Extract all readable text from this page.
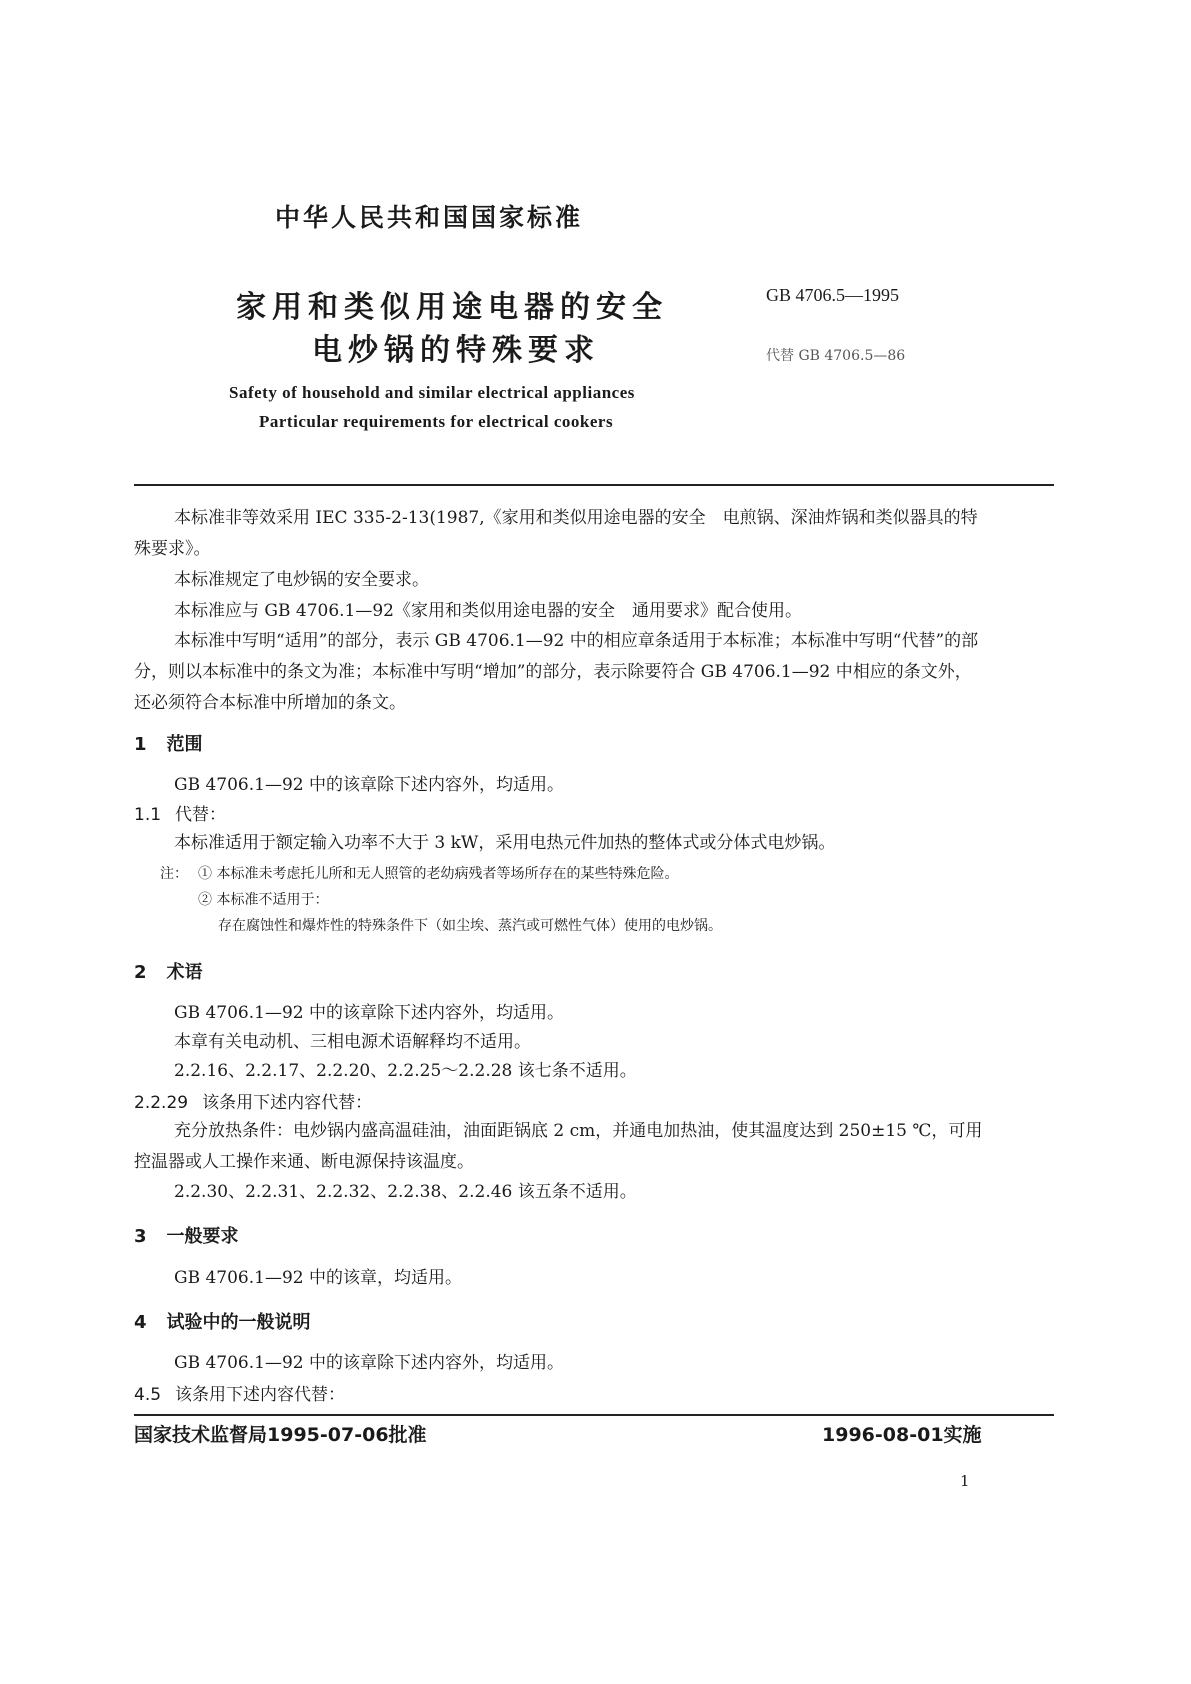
中华人民共和国国家标准
家用和类似用途电器的安全
电炒锅的特殊要求
GB 4706.5—1995
代替 GB 4706.5—86
Safety of household and similar electrical appliances
Particular requirements for electrical cookers
本标准非等效采用 IEC 335-2-13(1987,《家用和类似用途电器的安全　电煎锅、深油炸锅和类似器具的特殊要求》。
本标准规定了电炒锅的安全要求。
本标准应与 GB 4706.1—92《家用和类似用途电器的安全　通用要求》配合使用。
本标准中写明“适用”的部分，表示 GB 4706.1—92 中的相应章条适用于本标准；本标准中写明“代替”的部分，则以本标准中的条文为准；本标准中写明“增加”的部分，表示除要符合 GB 4706.1—92 中相应的条文外，还必须符合本标准中所增加的条文。
1 范围
GB 4706.1—92 中的该章除下述内容外，均适用。
1.1 代替：
本标准适用于额定输入功率不大于 3 kW，采用电热元件加热的整体式或分体式电炒锅。
注： ① 本标准未考虑托儿所和无人照管的老幼病残者等场所存在的某些特殊危险。
② 本标准不适用于：
存在腐蚀性和爆炸性的特殊条件下（如尘埃、蒸汽或可燃性气体）使用的电炒锅。
2 术语
GB 4706.1—92 中的该章除下述内容外，均适用。
本章有关电动机、三相电源术语解释均不适用。
2.2.16、2.2.17、2.2.20、2.2.25～2.2.28 该七条不适用。
2.2.29 该条用下述内容代替：
充分放热条件：电炒锅内盛高温硅油，油面距锅底 2 cm，并通电加热油，使其温度达到 250±15 ℃，可用控温器或人工操作来通、断电源保持该温度。
2.2.30、2.2.31、2.2.32、2.2.38、2.2.46 该五条不适用。
3 一般要求
GB 4706.1—92 中的该章，均适用。
4 试验中的一般说明
GB 4706.1—92 中的该章除下述内容外，均适用。
4.5 该条用下述内容代替：
国家技术监督局1995-07-06批准	1996-08-01实施
1
